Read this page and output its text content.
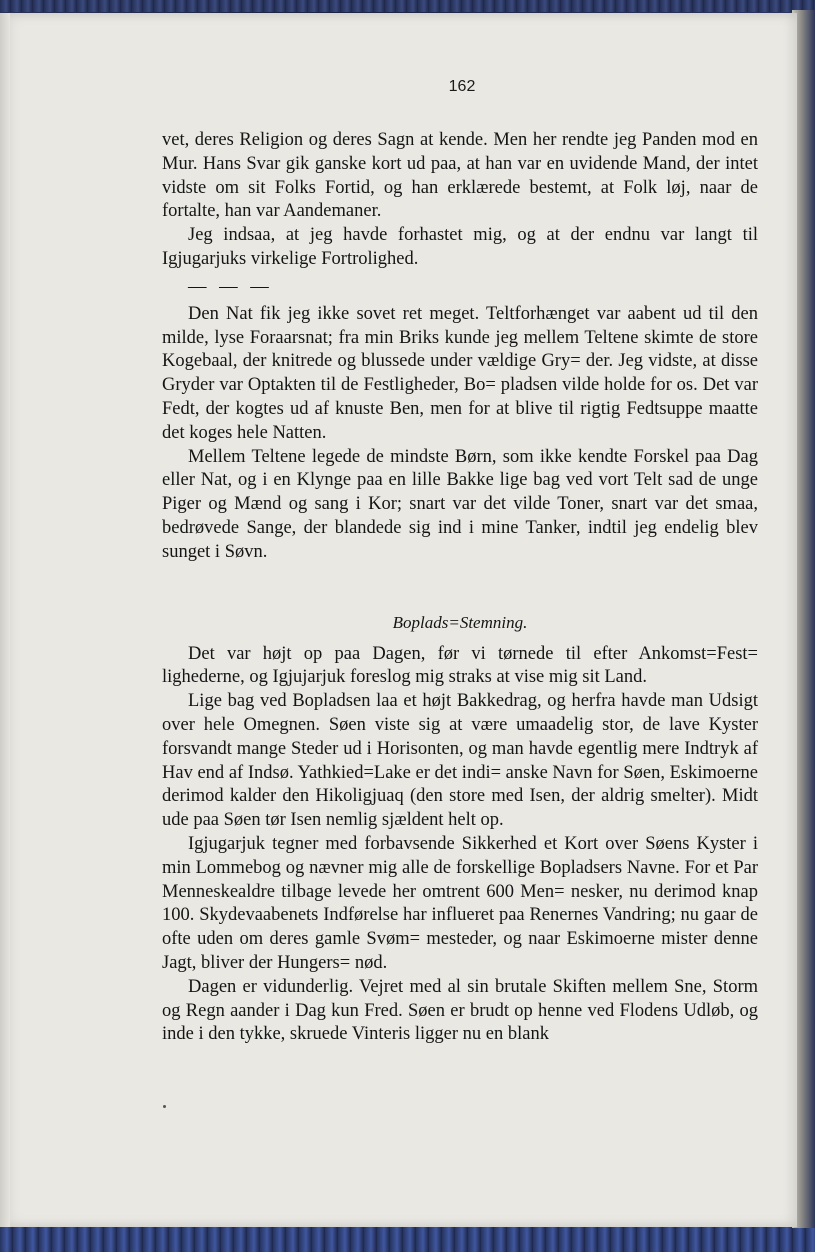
162

vet, deres Religion og deres Sagn at kende. Men her rendte jeg Panden mod en Mur. Hans Svar gik ganske kort ud paa, at han var en uvidende Mand, der intet vidste om sit Folks Fortid, og han erklærede bestemt, at Folk løj, naar de fortalte, han var Aandemaner.

Jeg indsaa, at jeg havde forhastet mig, og at der endnu var langt til Igjugarjuks virkelige Fortrolighed.

— — —

Den Nat fik jeg ikke sovet ret meget. Teltforhænget var aabent ud til den milde, lyse Foraarsnat; fra min Briks kunde jeg mellem Teltene skimte de store Kogebaal, der knitrede og blussede under vældige Gry= der. Jeg vidste, at disse Gryder var Optakten til de Festligheder, Bo= pladsen vilde holde for os. Det var Fedt, der kogtes ud af knuste Ben, men for at blive til rigtig Fedtsuppe maatte det koges hele Natten.

Mellem Teltene legede de mindste Børn, som ikke kendte Forskel paa Dag eller Nat, og i en Klynge paa en lille Bakke lige bag ved vort Telt sad de unge Piger og Mænd og sang i Kor; snart var det vilde Toner, snart var det smaa, bedrøvede Sange, der blandede sig ind i mine Tanker, indtil jeg endelig blev sunget i Søvn.

Boplads=Stemning.

Det var højt op paa Dagen, før vi tørnede til efter Ankomst=Fest= lighederne, og Igjujarjuk foreslog mig straks at vise mig sit Land.

Lige bag ved Bopladsen laa et højt Bakkedrag, og herfra havde man Udsigt over hele Omegnen. Søen viste sig at være umaadelig stor, de lave Kyster forsvandt mange Steder ud i Horisonten, og man havde egentlig mere Indtryk af Hav end af Indsø. Yathkied=Lake er det indi= anske Navn for Søen, Eskimoerne derimod kalder den Hikoligjuaq (den store med Isen, der aldrig smelter). Midt ude paa Søen tør Isen nemlig sjældent helt op.

Igjugarjuk tegner med forbavsende Sikkerhed et Kort over Søens Kyster i min Lommebog og nævner mig alle de forskellige Bopladsers Navne. For et Par Menneskealdre tilbage levede her omtrent 600 Men= nesker, nu derimod knap 100. Skydevaabenets Indførelse har influeret paa Renernes Vandring; nu gaar de ofte uden om deres gamle Svøm= mesteder, og naar Eskimoerne mister denne Jagt, bliver der Hungers= nød.

Dagen er vidunderlig. Vejret med al sin brutale Skiften mellem Sne, Storm og Regn aander i Dag kun Fred. Søen er brudt op henne ved Flodens Udløb, og inde i den tykke, skruede Vinteris ligger nu en blank
